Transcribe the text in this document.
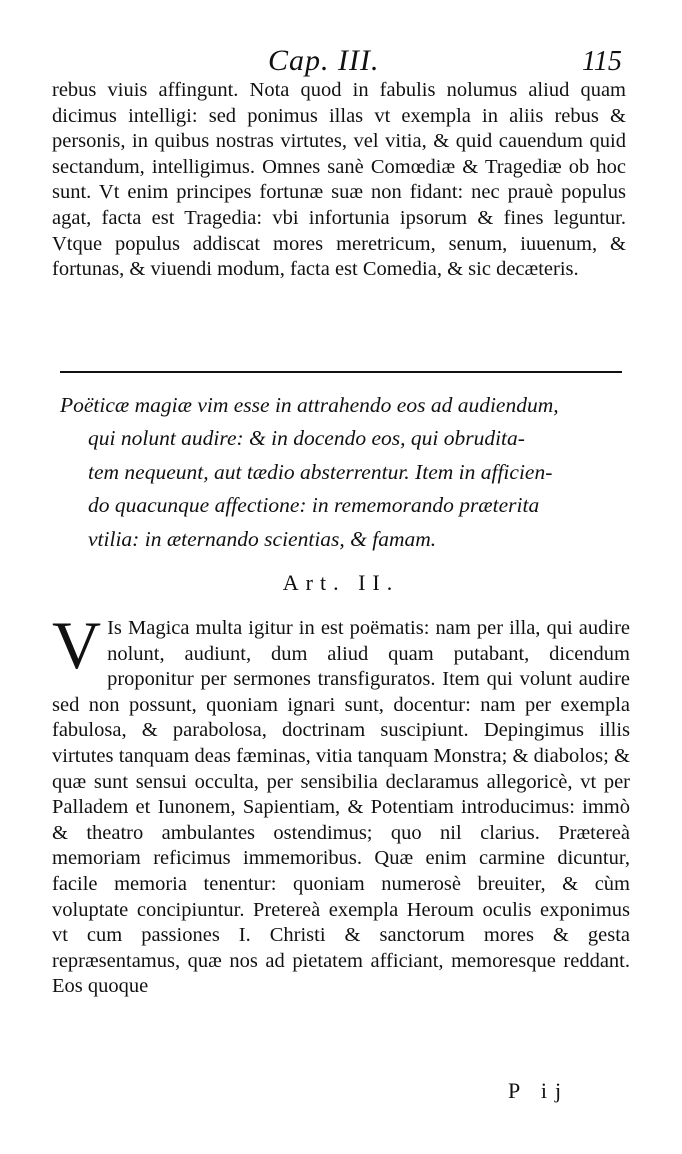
Cap. III.	115
rebus viuis affingunt. Nota quod in fabulis nolumus aliud quam dicimus intelligi: sed ponimus illas vt exempla in aliis rebus & personis, in quibus nostras virtutes, vel vitia, & quid cauendum quid sectandum, intelligimus. Omnes sanè Comœdiæ & Tragediæ ob hoc sunt. Vt enim principes fortunæ suæ non fidant: nec prauè populus agat, facta est Tragedia: vbi infortunia ipsorum & fines leguntur. Vtque populus addiscat mores meretricum, senum, iuuenum, & fortunas, & viuendi modum, facta est Comedia, & sic decæteris.
Poëticæ magiæ vim esse in attrahendo eos ad audiendum,
qui nolunt audire: & in docendo eos, qui obrudita-
tem nequeunt, aut tædio absterrentur. Item in afficien-
do quacunque affectione: in rememorando præterita
vtilia: in æternando scientias, & famam.
Art. II.
V Is Magica multa igitur in est poëmatis: nam per illa, qui audire nolunt, audiunt, dum aliud quam putabant, dicendum proponitur per sermones transfiguratos. Item qui volunt audire sed non possunt, quoniam ignari sunt, docentur: nam per exempla fabulosa, & parabolosa, doctrinam suscipiunt. Depingimus illis virtutes tanquam deas fæminas, vitia tanquam Monstra; & diabolos; & quæ sunt sensui occulta, per sensibilia declaramus allegoricè, vt per Palladem et Iunonem, Sapientiam, & Potentiam introducimus: immò & theatro ambulantes ostendimus; quo nil clarius. Prætereà memoriam reficimus immemoribus. Quæ enim carmine dicuntur, facile memoria tenentur: quoniam numerosè breuiter, & cùm voluptate concipiuntur. Pretereà exempla Heroum oculis exponimus vt cum passiones I. Christi & sanctorum mores & gesta repræsentamus, quæ nos ad pietatem afficiant, memoresque reddant. Eos quoque
P ij
